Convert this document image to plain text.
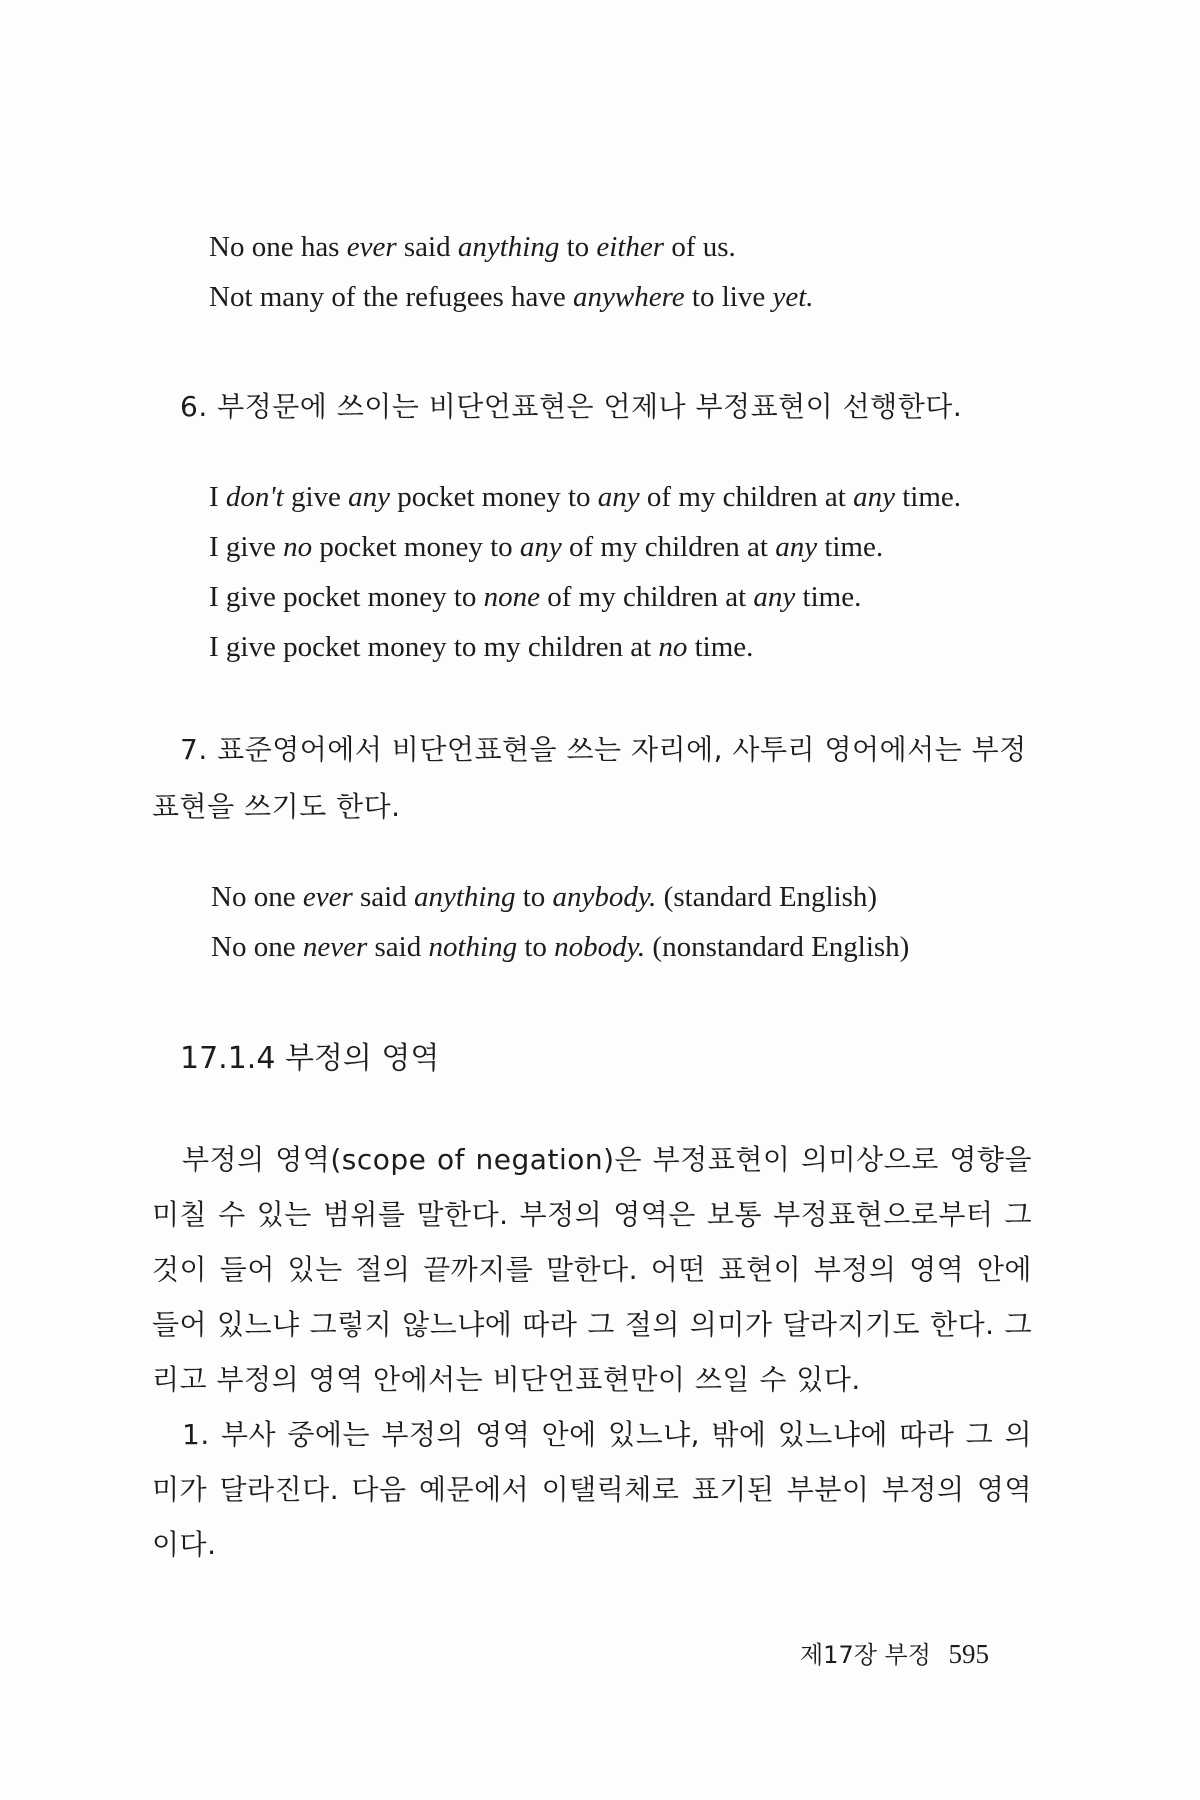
No one has ever said anything to either of us.
Not many of the refugees have anywhere to live yet.
6. 부정문에 쓰이는 비단언표현은 언제나 부정표현이 선행한다.
I don't give any pocket money to any of my children at any time.
I give no pocket money to any of my children at any time.
I give pocket money to none of my children at any time.
I give pocket money to my children at no time.
7. 표준영어에서 비단언표현을 쓰는 자리에, 사투리 영어에서는 부정
표현을 쓰기도 한다.
No one ever said anything to anybody. (standard English)
No one never said nothing to nobody. (nonstandard English)
17.1.4 부정의 영역

부정의 영역(scope of negation)은 부정표현이 의미상으로 영향을 미칠 수 있는 범위를 말한다. 부정의 영역은 보통 부정표현으로부터 그것이 들어 있는 절의 끝까지를 말한다. 어떤 표현이 부정의 영역 안에 들어 있느냐 그렇지 않느냐에 따라 그 절의 의미가 달라지기도 한다. 그리고 부정의 영역 안에서는 비단언표현만이 쓰일 수 있다.

1. 부사 중에는 부정의 영역 안에 있느냐, 밖에 있느냐에 따라 그 의미가 달라진다. 다음 예문에서 이탤릭체로 표기된 부분이 부정의 영역이다.

제17장 부정 595
